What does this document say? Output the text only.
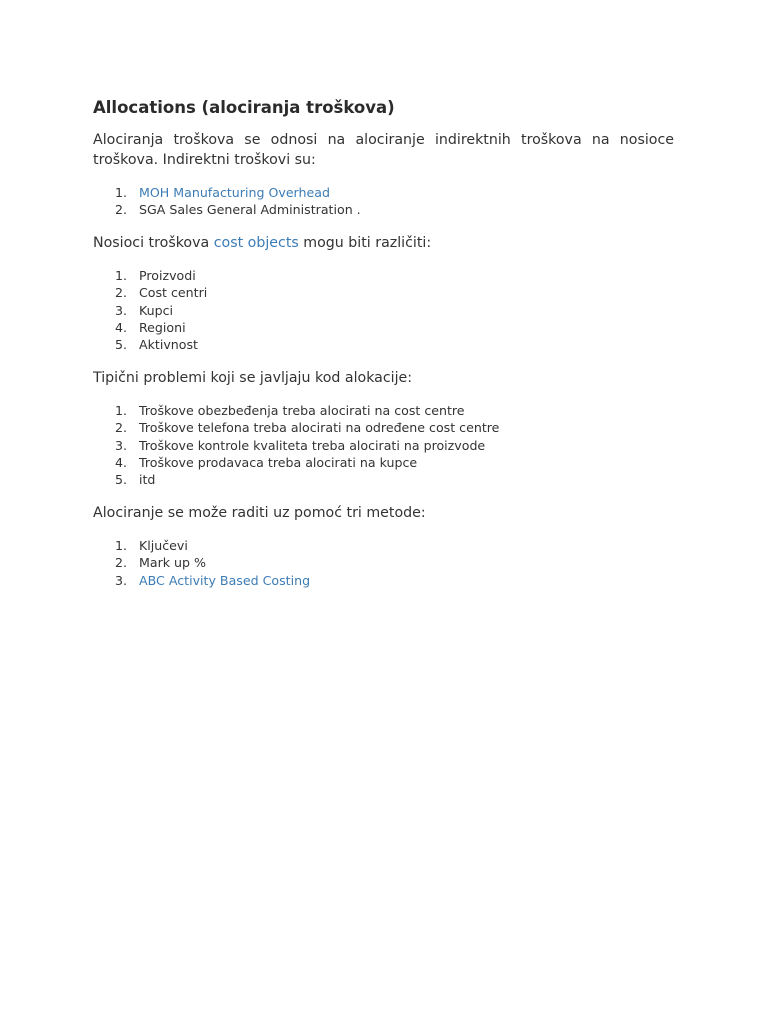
Allocations (alociranja troškova)

Alociranja troškova se odnosi na alociranje indirektnih troškova na nosioce troškova. Indirektni troškovi su:

1. MOH Manufacturing Overhead
2. SGA Sales General Administration .

Nosioci troškova cost objects mogu biti različiti:

1. Proizvodi
2. Cost centri
3. Kupci
4. Regioni
5. Aktivnost

Tipični problemi koji se javljaju kod alokacije:

1. Troškove obezbeđenja treba alocirati na cost centre
2. Troškove telefona treba alocirati na određene cost centre
3. Troškove kontrole kvaliteta treba alocirati na proizvode
4. Troškove prodavaca treba alocirati na kupce
5. itd

Alociranje se može raditi uz pomoć tri metode:

1. Ključevi
2. Mark up %
3. ABC Activity Based Costing
